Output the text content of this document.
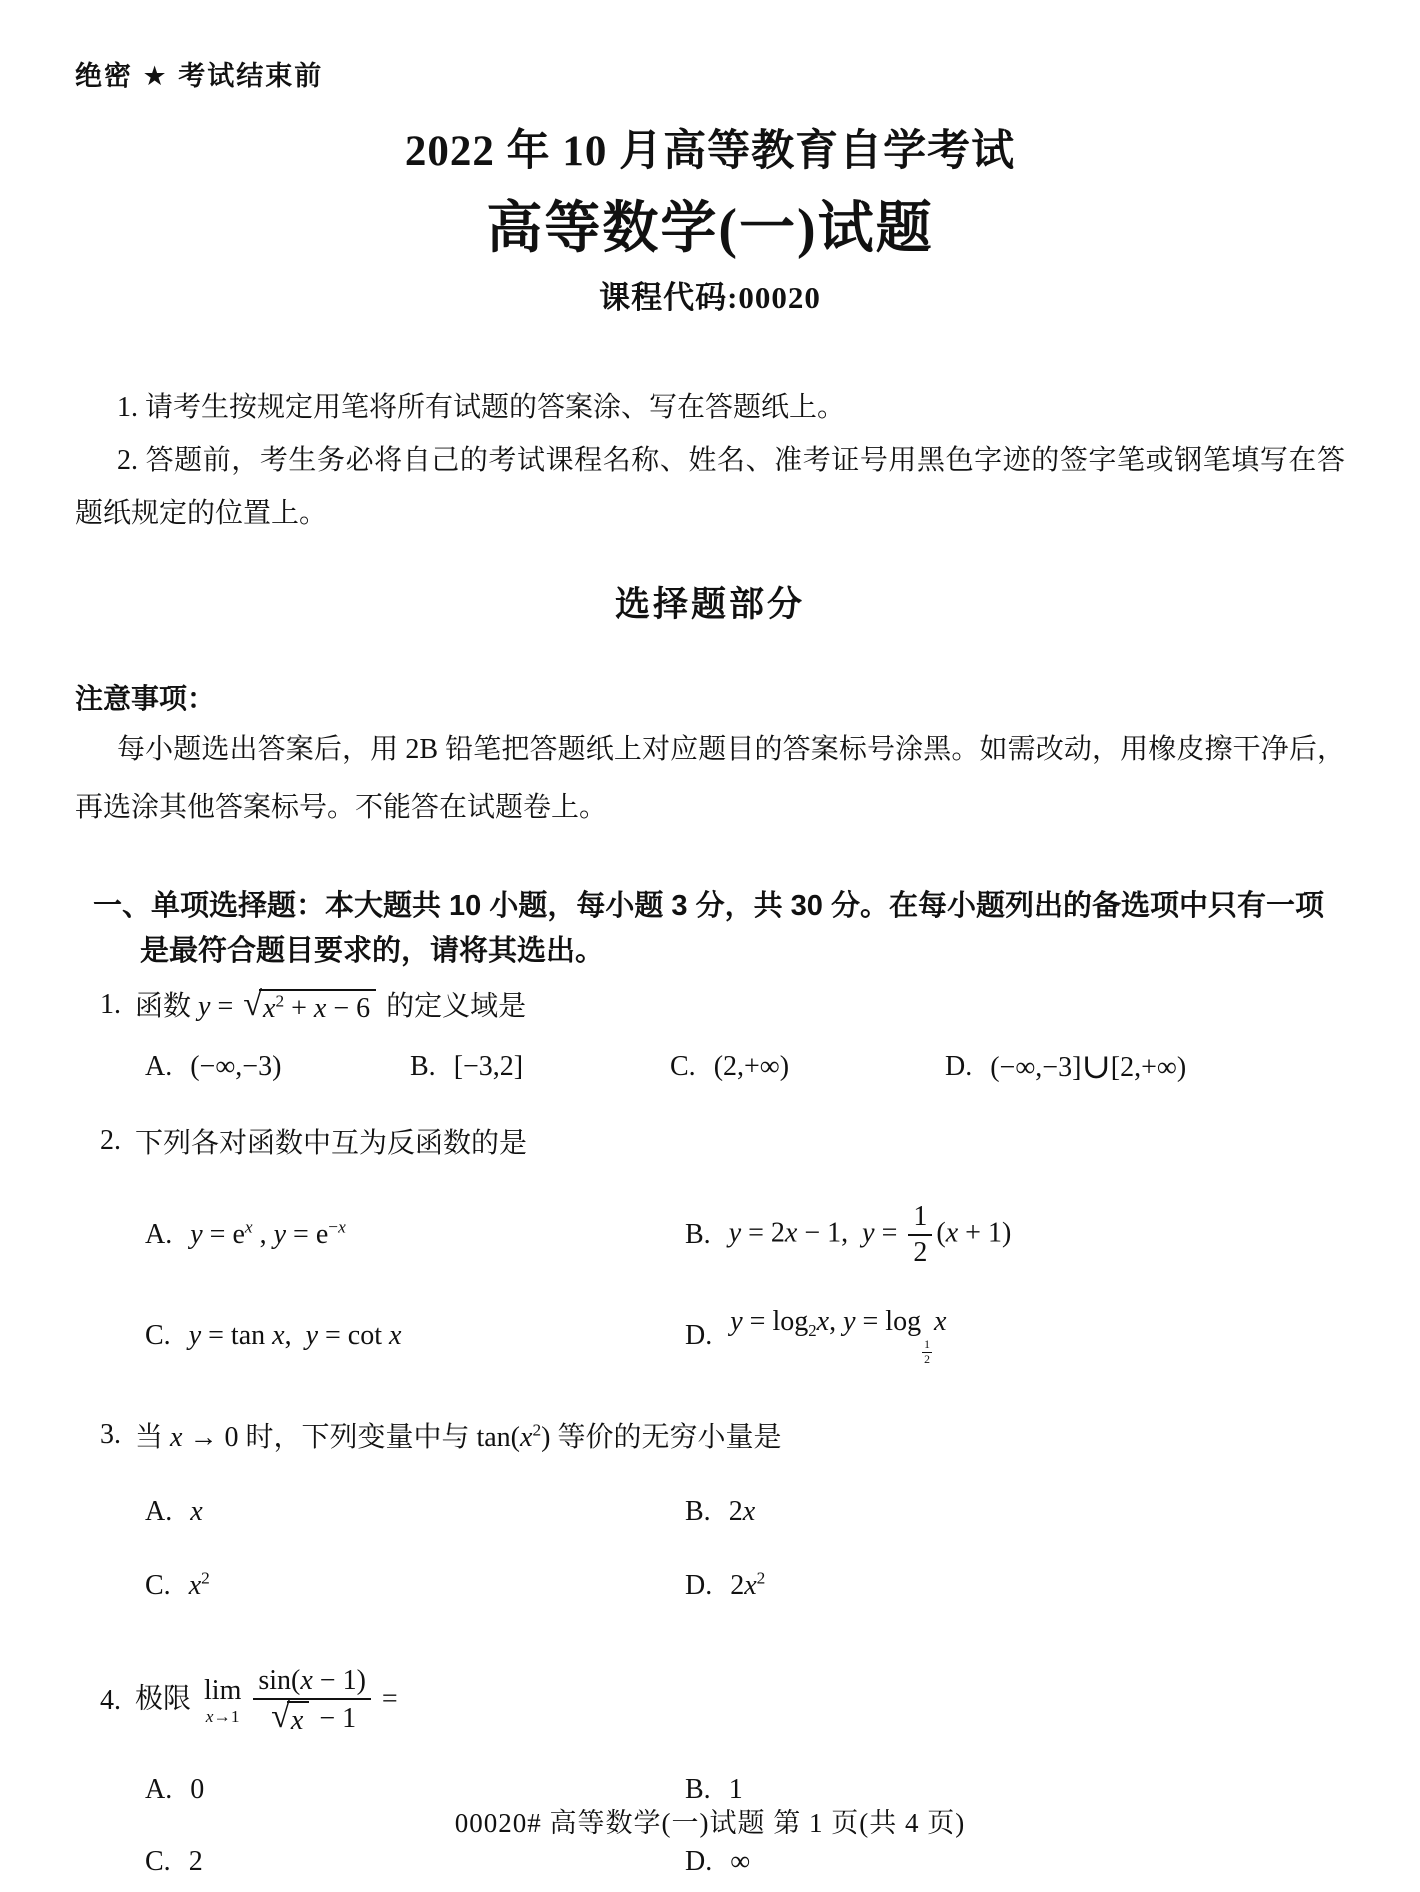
绝密 ★ 考试结束前
2022 年 10 月高等教育自学考试
高等数学(一)试题
课程代码:00020

1. 请考生按规定用笔将所有试题的答案涂、写在答题纸上。

2. 答题前，考生务必将自己的考试课程名称、姓名、准考证号用黑色字迹的签字笔或钢笔填写在答题纸规定的位置上。

选择题部分
注意事项：

每小题选出答案后，用 2B 铅笔把答题纸上对应题目的答案标号涂黑。如需改动，用橡皮擦干净后，再选涂其他答案标号。不能答在试题卷上。

一、单项选择题：本大题共 10 小题，每小题 3 分，共 30 分。在每小题列出的备选项中只有一项是最符合题目要求的，请将其选出。
1. 函数 y = √ $x^2 + x - 6$ 的定义域是
A. (−∞,−3)	B. [−3,2]	C. (2,+∞)	D. (−∞,−3]∪[2,+∞)
2. 下列各对函数中互为反函数的是
A. $y = e^x$ , $y = e^{-x}$	B. y = 2x − 1,  $y = \frac{1}{2} (x + 1)$
C. y = tan x,  y = cot x	D. $y = \log_2x$, y = log
$\frac{1}{2}$
x
3. 当 x → 0 时，下列变量中与 $\tan(x^2)$ 等价的无穷小量是
A. x	B. 2x
C. $x^2$	D. $2x^2$
4. 极限 lim
x→1 sin(x − 1)
√ x − 1 =
A. 0	B. 1
C. 2	D. ∞
00020# 高等数学(一)试题 第 1 页(共 4 页)
